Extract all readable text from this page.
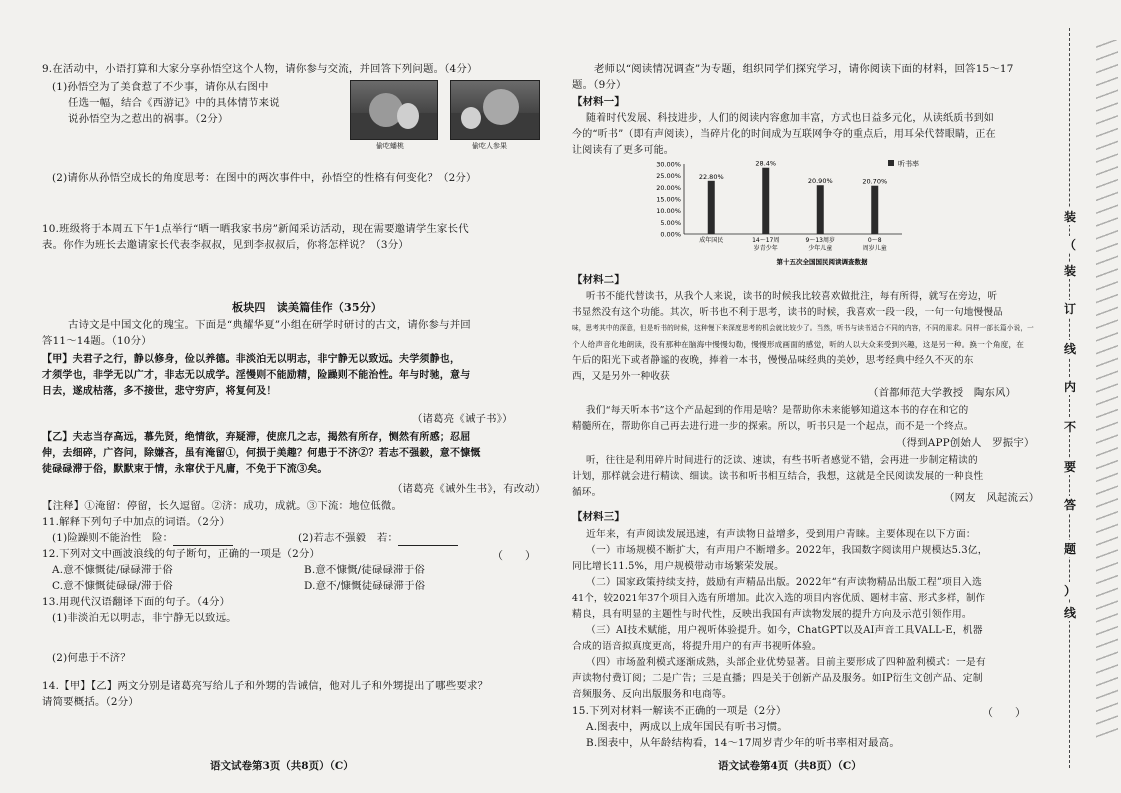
9.在活动中，小语打算和大家分享孙悟空这个人物，请你参与交流，并回答下列问题。（4分）
(1)孙悟空为了美食惹了不少事，请你从右图中
任选一幅，结合《西游记》中的具体情节来说
说孙悟空为之惹出的祸事。（2分）
偷吃蟠桃	偷吃人参果
(2)请你从孙悟空成长的角度思考：在图中的两次事件中，孙悟空的性格有何变化？（2分）
10.班级将于本周五下午1点举行“晒一晒我家书房”新闻采访活动，现在需要邀请学生家长代
表。你作为班长去邀请家长代表李叔叔，见到李叔叔后，你将怎样说？（3分）
板块四　读美篇佳作（35分）
古诗文是中国文化的瑰宝。下面是“典耀华夏”小组在研学时研讨的古文，请你参与并回
答11～14题。（10分）
【甲】夫君子之行，静以修身，俭以养德。非淡泊无以明志，非宁静无以致远。夫学须静也，
才须学也，非学无以广才，非志无以成学。淫慢则不能励精，险躁则不能治性。年与时驰，意与
日去，遂成枯落，多不接世，悲守穷庐，将复何及！
（诸葛亮《诫子书》）
【乙】夫志当存高远，慕先贤，绝情欲，弃疑滞，使庶几之志，揭然有所存，恻然有所感；忍屈
伸，去细碎，广咨问，除嫌吝，虽有淹留①，何损于美趣？何患于不济②？若志不强毅，意不慷慨
徒碌碌滞于俗，默默束于情，永窜伏于凡庸，不免于下流③矣。
（诸葛亮《诫外生书》，有改动）
【注释】①淹留：停留，长久逗留。②济：成功，成就。③下流：地位低微。
11.解释下列句子中加点的词语。（2分）
(1)险躁则不能治性　险：	(2)若志不强毅　若：
12.下列对文中画波浪线的句子断句，正确的一项是（2分）	（　　）
A.意不慷慨徒/碌碌滞于俗	B.意不慷慨/徒碌碌滞于俗
C.意不慷慨徒碌碌/滞于俗	D.意不/慷慨徒碌碌滞于俗
13.用现代汉语翻译下面的句子。（4分）
(1)非淡泊无以明志，非宁静无以致远。
(2)何患于不济？
14.【甲】【乙】两文分别是诸葛亮写给儿子和外甥的告诫信，他对儿子和外甥提出了哪些要求？
请简要概括。（2分）
语文试卷第3页（共8页）（C）
老师以“阅读情况调查”为专题，组织同学们探究学习，请你阅读下面的材料，回答15～17
题。（9分）
【材料一】
随着时代发展、科技进步，人们的阅读内容愈加丰富，方式也日益多元化，从读纸质书到如
今的“听书”（即有声阅读），当碎片化的时间成为互联网争夺的重点后，用耳朵代替眼睛，正在
让阅读有了更多可能。
30.00%
25.00%
20.00%
15.00%
10.00%
5.00%
0.00%
22.80%
28.4%
20.90%	20.70%
成年国民	14～17周
岁青少年
9～13周岁
少年儿童
0～8
周岁儿童
听书率
第十五次全国国民阅读调查数据
【材料二】
听书不能代替读书，从我个人来说，读书的时候我比较喜欢做批注，每有所得，就写在旁边，听
书显然没有这个功能。其次，听书也不利于思考，读书的时候，我喜欢一段一段，一句一句地慢慢品
味，思考其中的深意，但是听书的时候，这种慢下来深度思考的机会就比较少了。当然，听书与读书适合不同的内容，不同的需求。同样一部长篇小说，一
个人给声音化地朗读，没有那种在脑海中慢慢勾勒，慢慢形成画面的感觉，听的人以大众来受到兴趣，这是另一种。换一个角度，在
午后的阳光下或者静谧的夜晚，捧着一本书，慢慢品味经典的美妙，思考经典中经久不灭的东
西，又是另外一种收获
（首都师范大学教授　陶东风）
我们“每天听本书”这个产品起到的作用是啥？是帮助你未来能够知道这本书的存在和它的
精髓所在，帮助你自己再去进行进一步的探索。所以，听书只是一个起点，而不是一个终点。
（得到APP创始人　罗振宇）
听，往往是利用碎片时间进行的泛读、速读，有些书听者感觉不错，会再进一步制定精读的
计划，那样就会进行精读、细读。读书和听书相互结合，我想，这就是全民阅读发展的一种良性
循环。	（网友　风起流云）
【材料三】
近年来，有声阅读发展迅速，有声读物日益增多，受到用户青睐。主要体现在以下方面：
（一）市场规模不断扩大，有声用户不断增多。2022年，我国数字阅读用户规模达5.3亿，
同比增长11.5%，用户规模带动市场繁荣发展。
（二）国家政策持续支持，鼓励有声精品出版。2022年“有声读物精品出版工程”项目入选
41个，较2021年37个项目入选有所增加。此次入选的项目内容优质、题材丰富、形式多样，制作
精良，具有明显的主题性与时代性，反映出我国有声读物发展的提升方向及示范引领作用。
（三）AI技术赋能，用户视听体验提升。如今，ChatGPT以及AI声音工具VALL-E，机器
合成的语音拟真度更高，将提升用户的有声书视听体验。
（四）市场盈利模式逐渐成熟，头部企业优势显著。目前主要形成了四种盈利模式：一是有
声读物付费订阅；二是广告；三是直播；四是关于创新产品及服务。如IP衍生文创产品、定制
音频服务、反向出版服务和电商等。
15.下列对材料一解读不正确的一项是（2分）	（　　）
A.图表中，两成以上成年国民有听书习惯。
B.图表中，从年龄结构看，14～17周岁青少年的听书率相对最高。
语文试卷第4页（共8页）（C）
装
（
装
订
线
内
不
要
答
题
）
线
